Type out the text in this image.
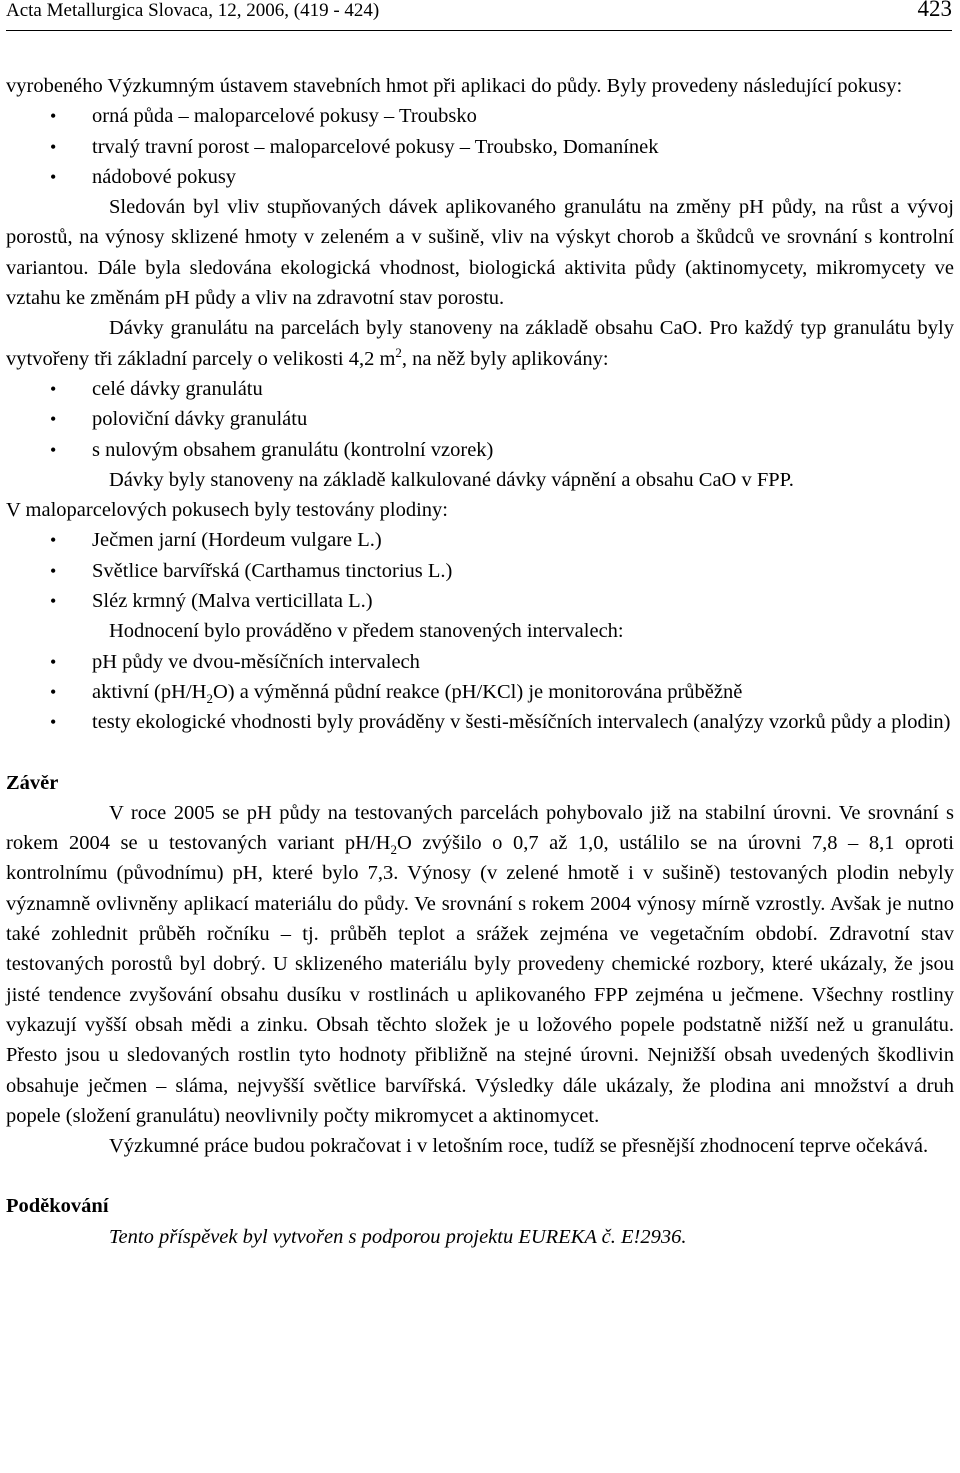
Acta Metallurgica Slovaca, 12, 2006, (419 - 424)	423

vyrobeného Výzkumným ústavem stavebních hmot při aplikaci do půdy. Byly provedeny následující pokusy:

• orná půda – maloparcelové pokusy – Troubsko
• trvalý travní porost – maloparcelové pokusy – Troubsko, Domanínek
• nádobové pokusy

Sledován byl vliv stupňovaných dávek aplikovaného granulátu na změny pH půdy, na růst a vývoj porostů, na výnosy sklizené hmoty v zeleném a v sušině, vliv na výskyt chorob a škůdců ve srovnání s kontrolní variantou. Dále byla sledována ekologická vhodnost, biologická aktivita půdy (aktinomycety, mikromycety ve vztahu ke změnám pH půdy a vliv na zdravotní stav porostu.

Dávky granulátu na parcelách byly stanoveny na základě obsahu CaO. Pro každý typ granulátu byly vytvořeny tři základní parcely o velikosti 4,2 $m^2$, na něž byly aplikovány:

• celé dávky granulátu
• poloviční dávky granulátu
• s nulovým obsahem granulátu (kontrolní vzorek)

Dávky byly stanoveny na základě kalkulované dávky vápnění a obsahu CaO v FPP.

V maloparcelových pokusech byly testovány plodiny:

• Ječmen jarní (Hordeum vulgare L.)
• Světlice barvířská (Carthamus tinctorius L.)
• Sléz krmný (Malva verticillata L.)

Hodnocení bylo prováděno v předem stanovených intervalech:

• pH půdy ve dvou-měsíčních intervalech
• aktivní $(pH/H_2O)$ a výměnná půdní reakce (pH/KCl) je monitorována průběžně
• testy ekologické vhodnosti byly prováděny v šesti-měsíčních intervalech (analýzy vzorků půdy a plodin)

Závěr

V roce 2005 se pH půdy na testovaných parcelách pohybovalo již na stabilní úrovni. Ve srovnání s rokem 2004 se u testovaných variant $pH/H_2O$ zvýšilo o 0,7 až 1,0, ustálilo se na úrovni 7,8 – 8,1 oproti kontrolnímu (původnímu) pH, které bylo 7,3. Výnosy (v zelené hmotě i v sušině) testovaných plodin nebyly významně ovlivněny aplikací materiálu do půdy. Ve srovnání s rokem 2004 výnosy mírně vzrostly. Avšak je nutno také zohlednit průběh ročníku – tj. průběh teplot a srážek zejména ve vegetačním období. Zdravotní stav testovaných porostů byl dobrý. U sklizeného materiálu byly provedeny chemické rozbory, které ukázaly, že jsou jisté tendence zvyšování obsahu dusíku v rostlinách u aplikovaného FPP zejména u ječmene. Všechny rostliny vykazují vyšší obsah mědi a zinku. Obsah těchto složek je u ložového popele podstatně nižší než u granulátu. Přesto jsou u sledovaných rostlin tyto hodnoty přibližně na stejné úrovni. Nejnižší obsah uvedených škodlivin obsahuje ječmen – sláma, nejvyšší světlice barvířská. Výsledky dále ukázaly, že plodina ani množství a druh popele (složení granulátu) neovlivnily počty mikromycet a aktinomycet.

Výzkumné práce budou pokračovat i v letošním roce, tudíž se přesnější zhodnocení teprve očekává.

Poděkování

Tento příspěvek byl vytvořen s podporou projektu EUREKA č. E!2936.
